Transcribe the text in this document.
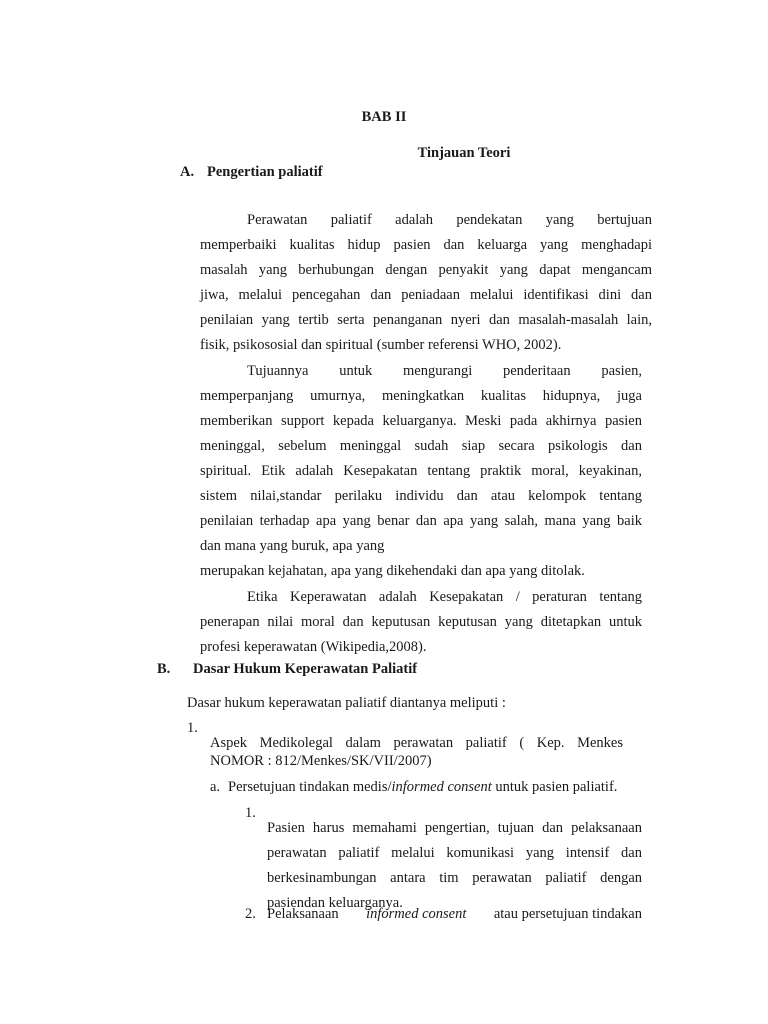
BAB II

Tinjauan Teori

A. Pengertian paliatif

Perawatan paliatif adalah pendekatan yang bertujuan

memperbaiki kualitas hidup pasien dan keluarga yang menghadapi

masalah yang berhubungan dengan penyakit yang dapat mengancam

jiwa, melalui pencegahan dan peniadaan melalui identifikasi dini dan

penilaian yang tertib serta penanganan nyeri dan masalah-masalah lain,

fisik, psikososial dan spiritual (sumber referensi WHO, 2002).

Tujuannya untuk mengurangi penderitaan pasien,

memperpanjang umurnya, meningkatkan kualitas hidupnya, juga

memberikan support kepada keluarganya. Meski pada akhirnya pasien

meninggal, sebelum meninggal sudah siap secara psikologis dan

spiritual. Etik adalah Kesepakatan tentang praktik moral, keyakinan,

sistem nilai,standar perilaku individu dan atau kelompok tentang

penilaian terhadap apa yang benar dan apa yang salah, mana yang baik

dan mana yang buruk, apa yang

merupakan kejahatan, apa yang dikehendaki dan apa yang ditolak.

Etika Keperawatan adalah Kesepakatan / peraturan tentang

penerapan nilai moral dan keputusan keputusan yang ditetapkan untuk

profesi keperawatan (Wikipedia,2008).

B. Dasar Hukum Keperawatan Paliatif

Dasar hukum keperawatan paliatif diantanya meliputi :

1.

Aspek Medikolegal dalam perawatan paliatif ( Kep. Menkes

NOMOR : 812/Menkes/SK/VII/2007)

a. Persetujuan tindakan medis/informed consent untuk pasien paliatif.

1.

Pasien harus memahami pengertian, tujuan dan pelaksanaan

perawatan paliatif melalui komunikasi yang intensif dan

berkesinambungan antara tim perawatan paliatif dengan

pasiendan keluarganya.

2. Pelaksanaan informed consent atau persetujuan tindakan
